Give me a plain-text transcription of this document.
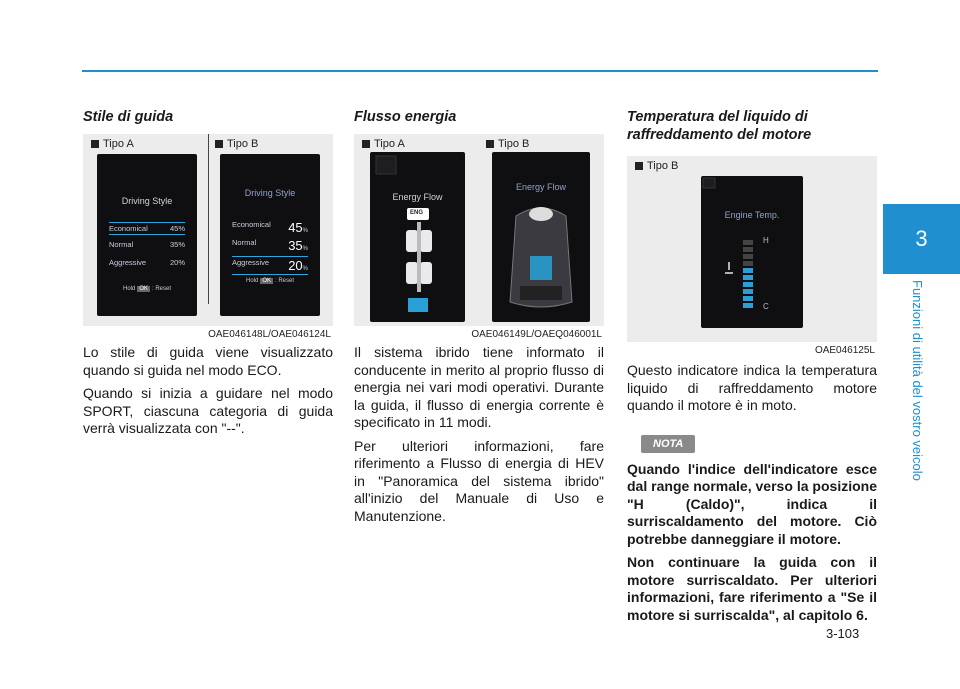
3
Funzioni di utilità del vostro veicolo
Stile di guida
Tipo A	Tipo B
Driving Style
Economical	45%
Normal	35%
Aggressive	20%
Hold OK : Reset
Driving Style
Economical 45%
Normal 35%
Aggressive 20%
Hold OK : Reset
OAE046148L/OAE046124L

Lo stile di guida viene visualizzato quando si guida nel modo ECO.

Quando si inizia a guidare nel modo SPORT, ciascuna categoria di guida verrà visualizzata con "--".

Flusso energia
Tipo A	Tipo B
Energy Flow
ENG
Energy Flow
OAE046149L/OAEQ046001L

Il sistema ibrido tiene informato il conducente in merito al proprio flusso di energia nei vari modi operativi. Durante la guida, il flusso di energia corrente è specificato in 11 modi.

Per ulteriori informazioni, fare riferimento a Flusso di energia di HEV in "Panoramica del sistema ibrido" all'inizio del Manuale di Uso e Manutenzione.

Temperatura del liquido di raffreddamento del motore
Tipo B
Engine Temp.
H
C
OAE046125L

Questo indicatore indica la temperatura liquido di raffreddamento motore quando il motore è in moto.

NOTA

Quando l'indice dell'indicatore esce dal range normale, verso la posizione "H (Caldo)", indica il surriscaldamento del motore. Ciò potrebbe danneggiare il motore.

Non continuare la guida con il motore surriscaldato. Per ulteriori informazioni, fare riferimento a "Se il motore si surriscalda", al capitolo 6.

3-103
